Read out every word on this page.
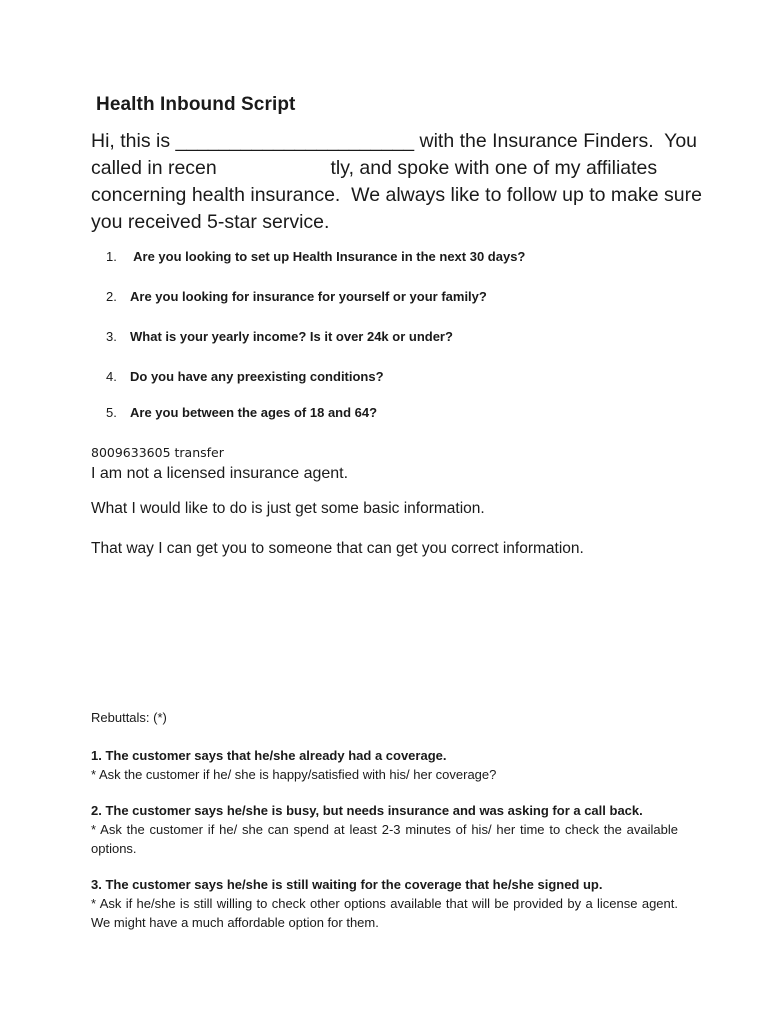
Health Inbound Script
Hi, this is ______________________ with the Insurance Finders.  You
called in recen                     tly, and spoke with one of my affiliates
concerning health insurance.  We always like to follow up to make sure
you received 5-star service.
1. Are you looking to set up Health Insurance in the next 30 days?
2. Are you looking for insurance for yourself or your family?
3. What is your yearly income? Is it over 24k or under?
4. Do you have any preexisting conditions?
5. Are you between the ages of 18 and 64?
8009633605 transfer
I am not a licensed insurance agent.
What I would like to do is just get some basic information.
That way I can get you to someone that can get you correct information.
Rebuttals: (*)
1. The customer says that he/she already had a coverage.
* Ask the customer if he/ she is happy/satisfied with his/ her coverage?
2. The customer says he/she is busy, but needs insurance and was asking for a call back.
* Ask the customer if he/ she can spend at least 2-3 minutes of his/ her time to check the available options.
3. The customer says he/she is still waiting for the coverage that he/she signed up.
* Ask if he/she is still willing to check other options available that will be provided by a license agent. We might have a much affordable option for them.
